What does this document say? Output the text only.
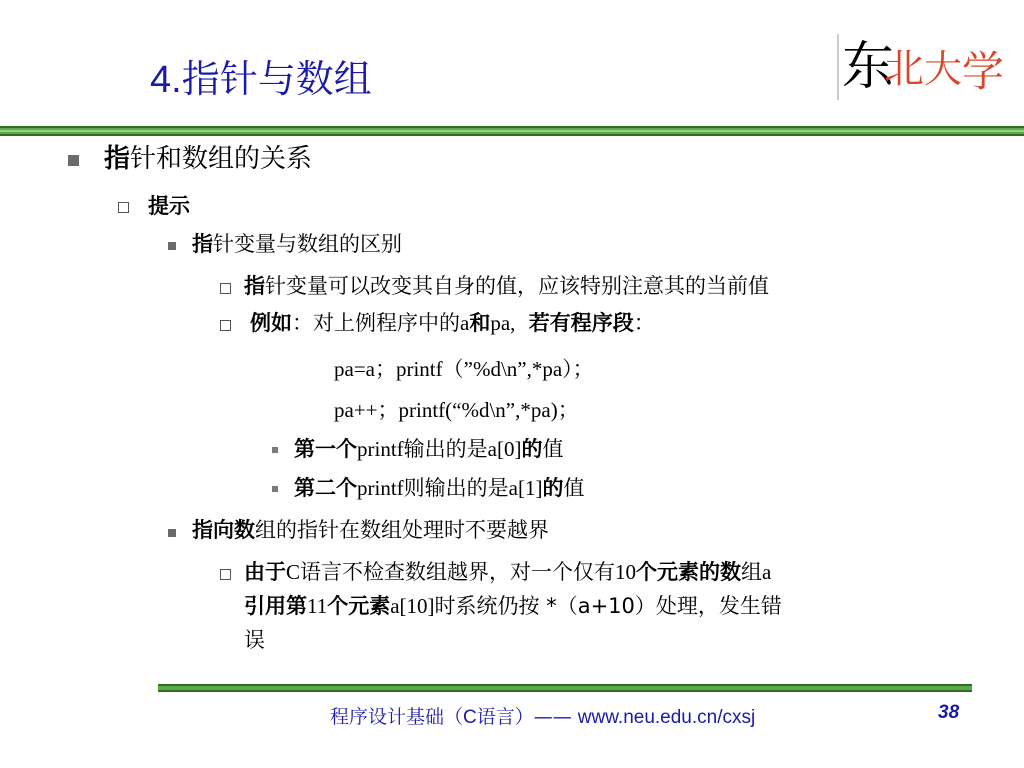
4.指针与数组	东
北 大 学
指针和数组的关系
提示
指针变量与数组的区别
指针变量可以改变其自身的值，应该特别注意其的当前值
例如：对上例程序中的a和pa, 若有程序段：
pa=a；printf（”%d\n”,*pa）；
pa++；printf(“%d\n”,*pa)；
第一个printf输出的是a[0]的值
第二个printf则输出的是a[1]的值
指向数组的指针在数组处理时不要越界
由于C语言不检查数组越界，对一个仅有10个元素的数组a
引用第11个元素a[10]时系统仍按 *（a+10）处理，发生错
误
程序设计基础（C语言）—— www.neu.edu.cn/cxsj	38
